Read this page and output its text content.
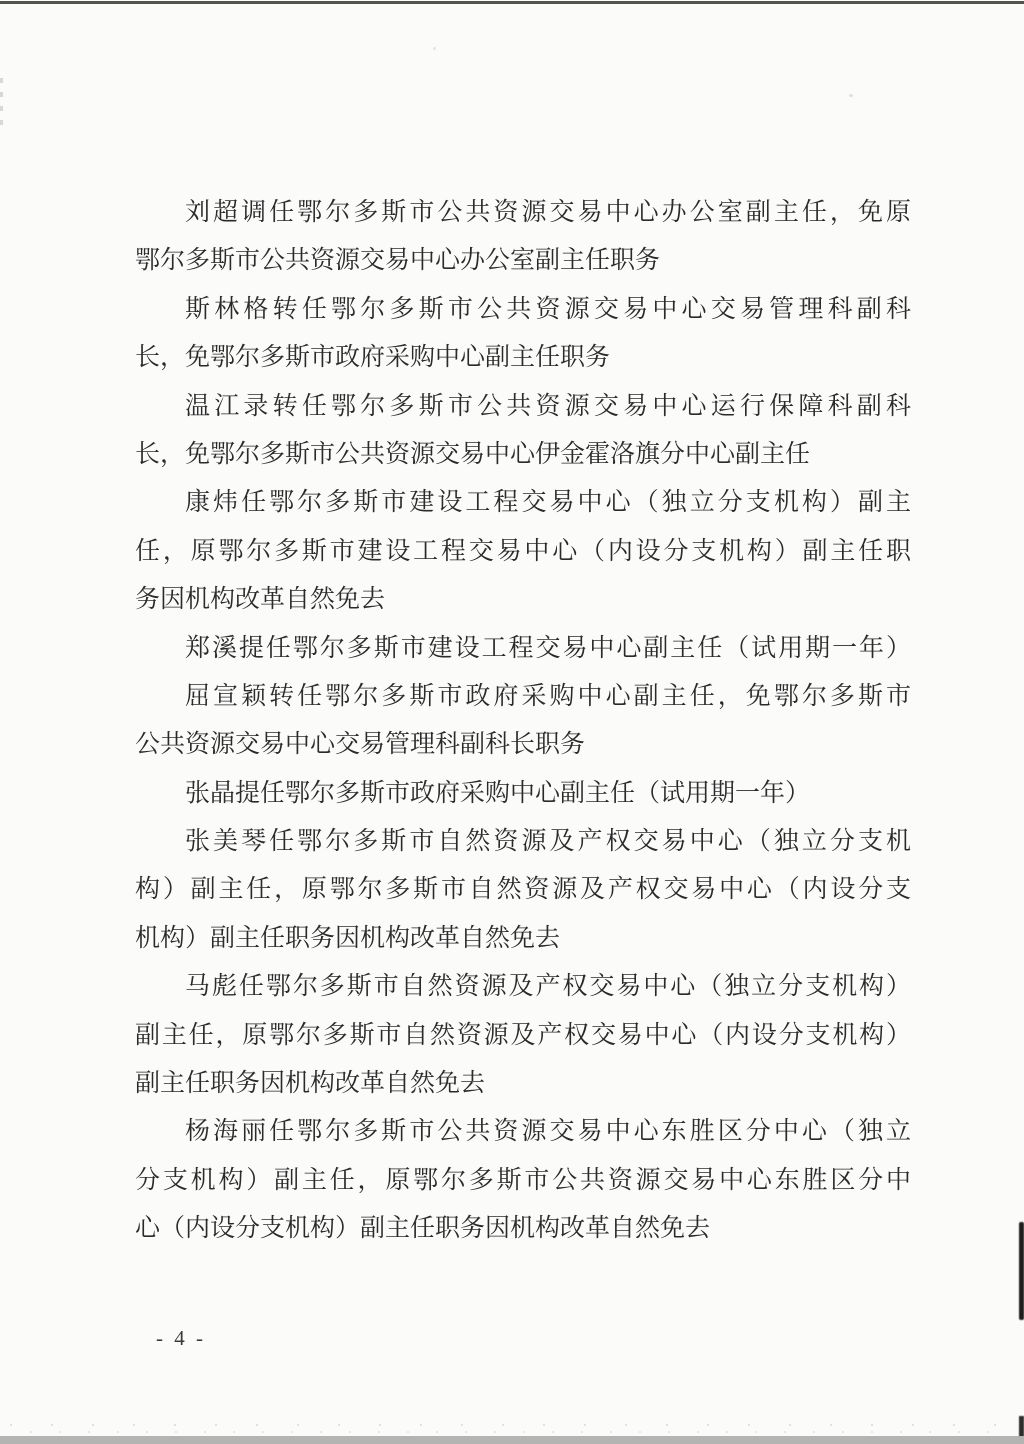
刘超调任鄂尔多斯市公共资源交易中心办公室副主任，免原
鄂尔多斯市公共资源交易中心办公室副主任职务
斯林格转任鄂尔多斯市公共资源交易中心交易管理科副科
长，免鄂尔多斯市政府采购中心副主任职务
温江录转任鄂尔多斯市公共资源交易中心运行保障科副科
长，免鄂尔多斯市公共资源交易中心伊金霍洛旗分中心副主任
康炜任鄂尔多斯市建设工程交易中心（独立分支机构）副主
任，原鄂尔多斯市建设工程交易中心（内设分支机构）副主任职
务因机构改革自然免去
郑溪提任鄂尔多斯市建设工程交易中心副主任（试用期一年）
屈宣颖转任鄂尔多斯市政府采购中心副主任，免鄂尔多斯市
公共资源交易中心交易管理科副科长职务
张晶提任鄂尔多斯市政府采购中心副主任（试用期一年）
张美琴任鄂尔多斯市自然资源及产权交易中心（独立分支机
构）副主任，原鄂尔多斯市自然资源及产权交易中心（内设分支
机构）副主任职务因机构改革自然免去
马彪任鄂尔多斯市自然资源及产权交易中心（独立分支机构）
副主任，原鄂尔多斯市自然资源及产权交易中心（内设分支机构）
副主任职务因机构改革自然免去
杨海丽任鄂尔多斯市公共资源交易中心东胜区分中心（独立
分支机构）副主任，原鄂尔多斯市公共资源交易中心东胜区分中
心（内设分支机构）副主任职务因机构改革自然免去
- 4 -
